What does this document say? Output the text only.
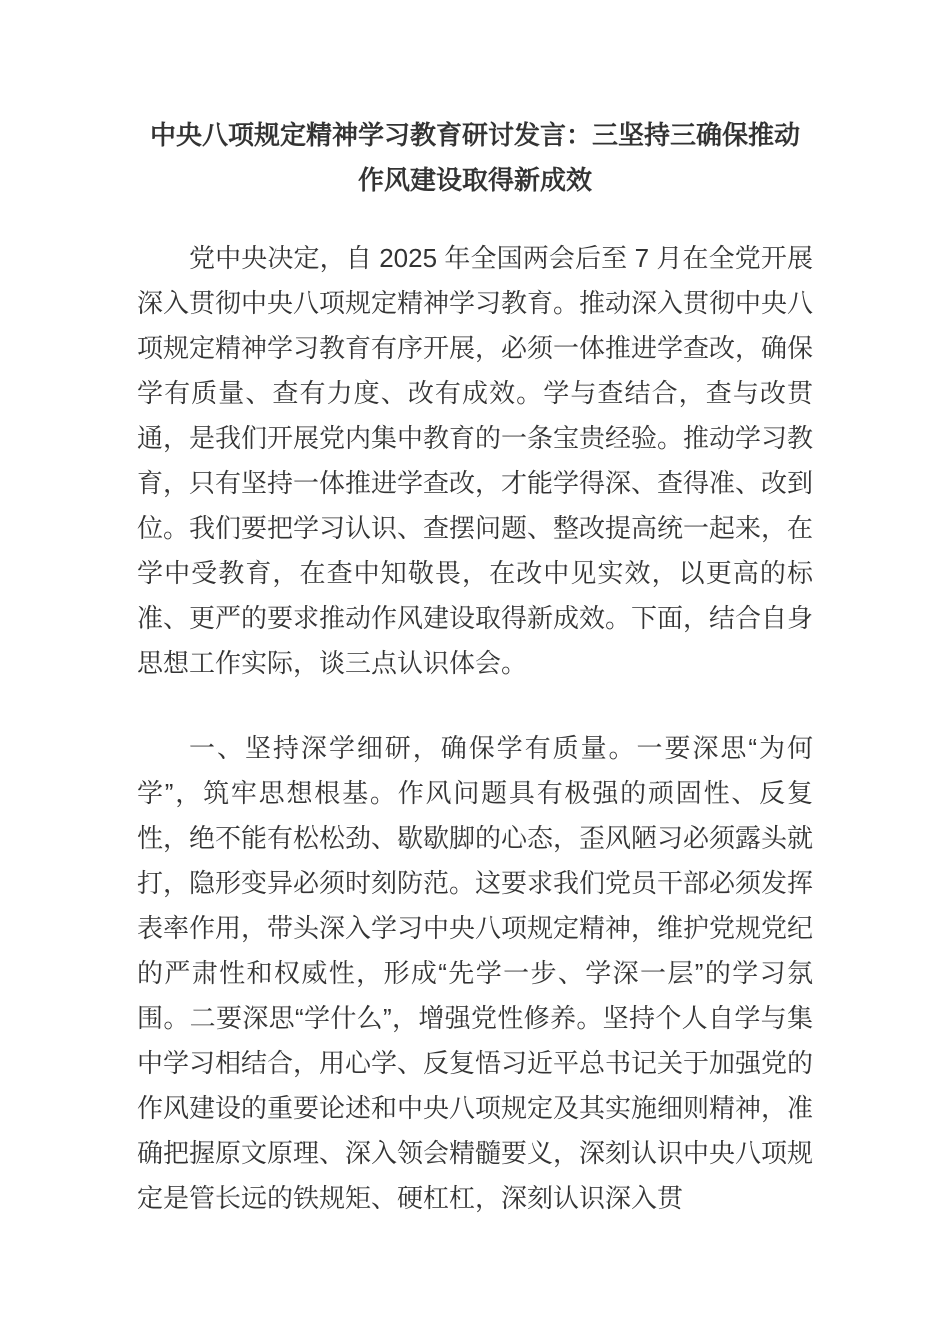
中央八项规定精神学习教育研讨发言：三坚持三确保推动作风建设取得新成效

党中央决定，自 2025 年全国两会后至 7 月在全党开展深入贯彻中央八项规定精神学习教育。推动深入贯彻中央八项规定精神学习教育有序开展，必须一体推进学查改，确保学有质量、查有力度、改有成效。学与查结合，查与改贯通，是我们开展党内集中教育的一条宝贵经验。推动学习教育，只有坚持一体推进学查改，才能学得深、查得准、改到位。我们要把学习认识、查摆问题、整改提高统一起来，在学中受教育，在查中知敬畏，在改中见实效，以更高的标准、更严的要求推动作风建设取得新成效。下面，结合自身思想工作实际，谈三点认识体会。

一、坚持深学细研，确保学有质量。一要深思“为何学”，筑牢思想根基。作风问题具有极强的顽固性、反复性，绝不能有松松劲、歇歇脚的心态，歪风陋习必须露头就打，隐形变异必须时刻防范。这要求我们党员干部必须发挥表率作用，带头深入学习中央八项规定精神，维护党规党纪的严肃性和权威性，形成“先学一步、学深一层”的学习氛围。二要深思“学什么”，增强党性修养。坚持个人自学与集中学习相结合，用心学、反复悟习近平总书记关于加强党的作风建设的重要论述和中央八项规定及其实施细则精神，准确把握原文原理、深入领会精髓要义，深刻认识中央八项规定是管长远的铁规矩、硬杠杠，深刻认识深入贯
